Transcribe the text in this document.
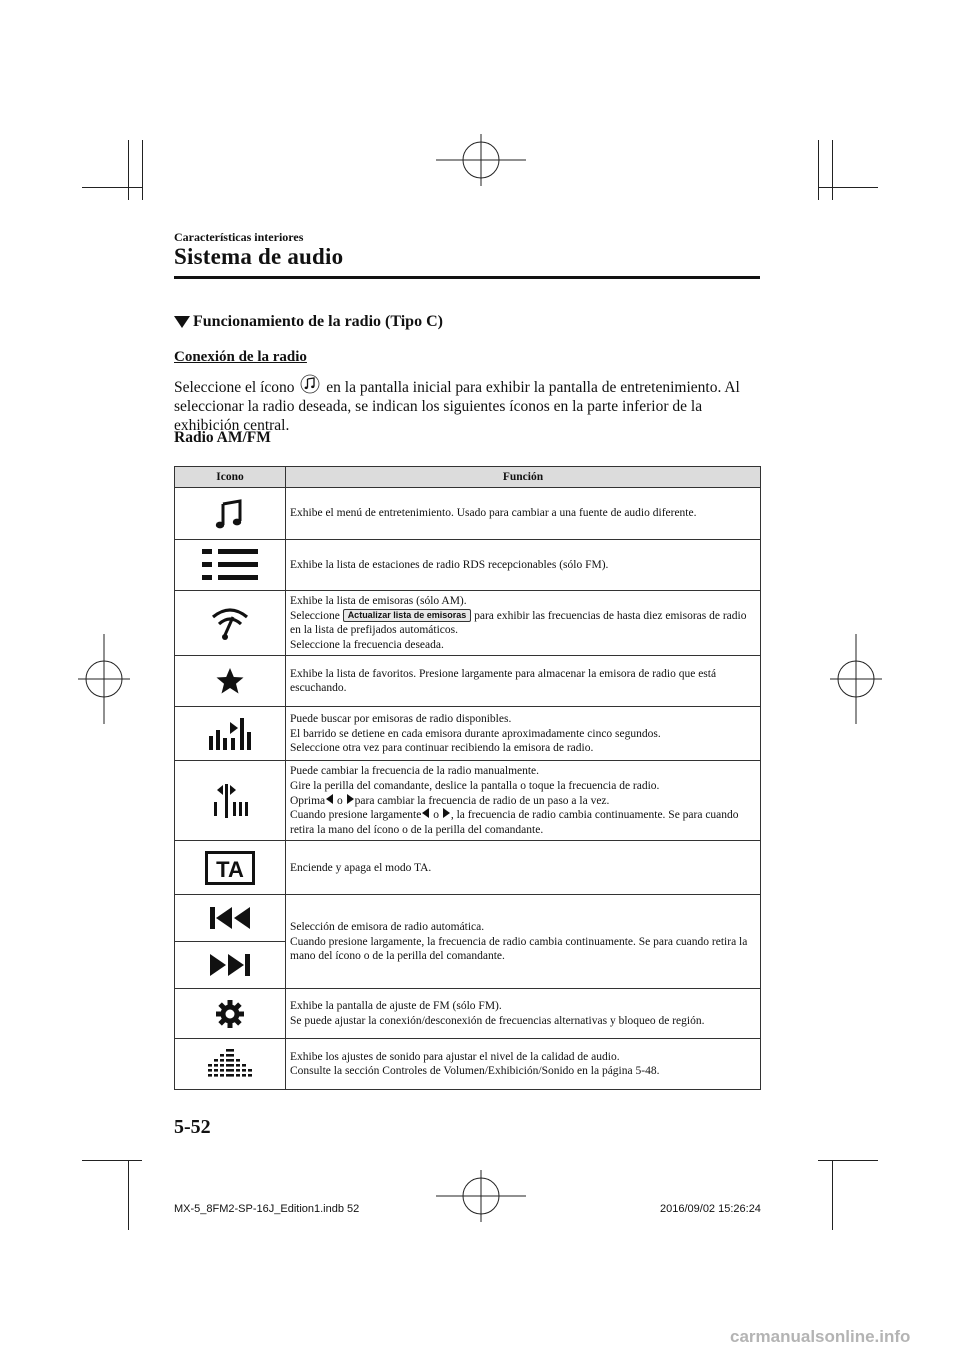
Características interiores
Sistema de audio
Funcionamiento de la radio (Tipo C)
Conexión de la radio
Seleccione el ícono en la pantalla inicial para exhibir la pantalla de entretenimiento. Al seleccionar la radio deseada, se indican los siguientes íconos en la parte inferior de la exhibición central.
Radio AM/FM
Icono	Función

	Exhibe el menú de entretenimiento. Usado para cambiar a una fuente de audio diferente.

	Exhibe la lista de estaciones de radio RDS recepcionables (sólo FM).

	Exhibe la lista de emisoras (sólo AM).
Seleccione Actualizar lista de emisoras para exhibir las frecuencias de hasta diez emisoras de radio en la lista de prefijados automáticos.
Seleccione la frecuencia deseada.

	Exhibe la lista de favoritos. Presione largamente para almacenar la emisora de radio que está escuchando.

	Puede buscar por emisoras de radio disponibles.
El barrido se detiene en cada emisora durante aproximadamente cinco segundos.
Seleccione otra vez para continuar recibiendo la emisora de radio.

	Puede cambiar la frecuencia de la radio manualmente.
Gire la perilla del comandante, deslice la pantalla o toque la frecuencia de radio.
Oprima o para cambiar la frecuencia de radio de un paso a la vez.
Cuando presione largamente o , la frecuencia de radio cambia continuamente. Se para cuando retira la mano del ícono o de la perilla del comandante.

TA	Enciende y apaga el modo TA.

	Selección de emisora de radio automática.
Cuando presione largamente, la frecuencia de radio cambia continuamente. Se para cuando retira la mano del ícono o de la perilla del comandante.

	Exhibe la pantalla de ajuste de FM (sólo FM).
Se puede ajustar la conexión/desconexión de frecuencias alternativas y bloqueo de región.

	Exhibe los ajustes de sonido para ajustar el nivel de la calidad de audio.
Consulte la sección Controles de Volumen/Exhibición/Sonido en la página 5-48.
5-52
MX-5_8FM2-SP-16J_Edition1.indb 52	2016/09/02 15:26:24
carmanualsonline.info
